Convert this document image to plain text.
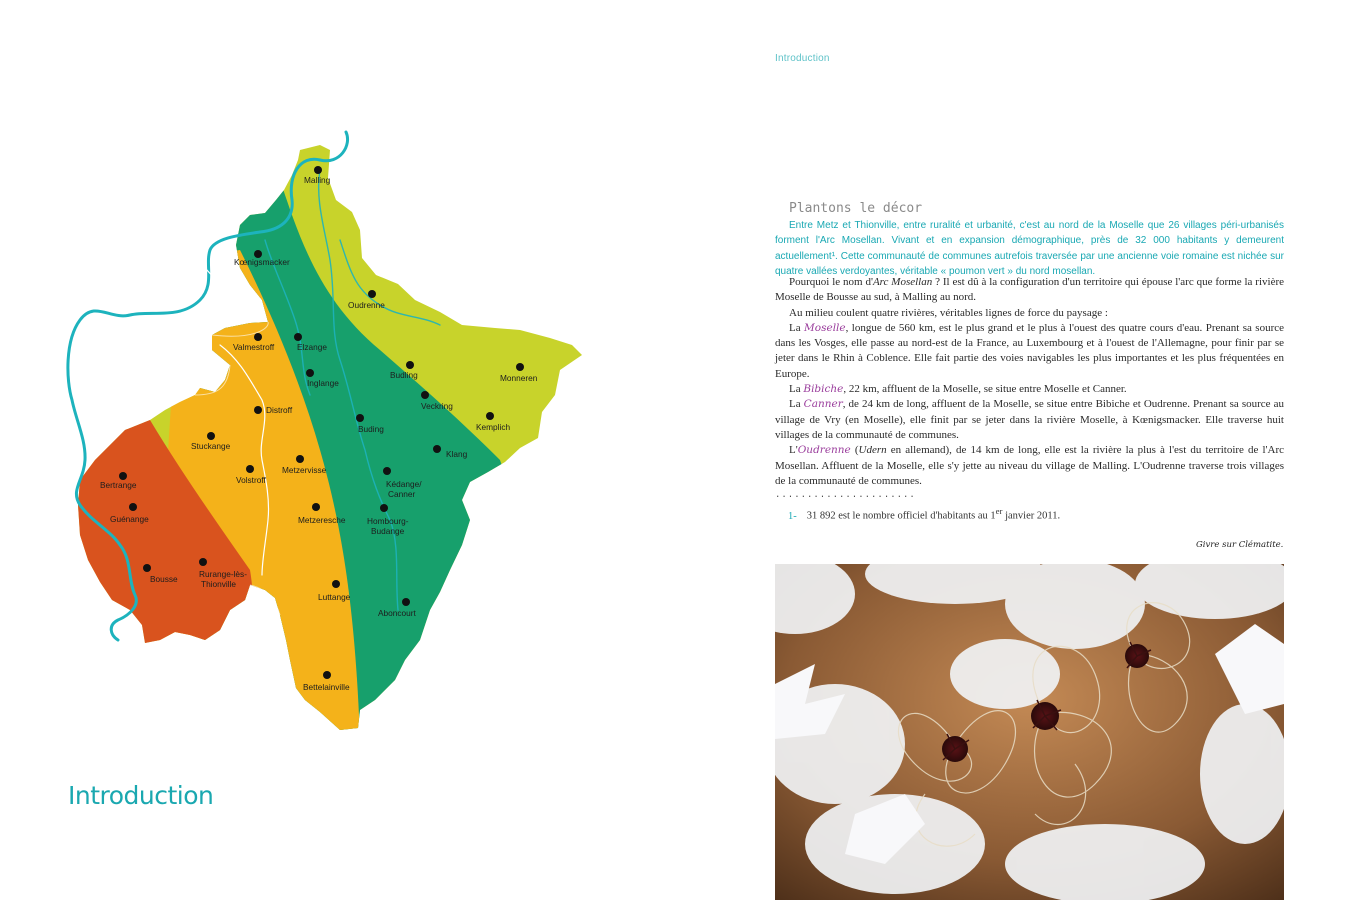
Introduction
Malling
Kœnigsmacker
Oudrenne
Valmestroff	Elzange
Inglange
Budling	Monneren
Distroff	Veckring
Stuckange
Buding	Kemplich
Metzervisse
Klang
Volstroff
Bertrange	Kédange/
Canner
Guénange	Metzeresche	Hombourg-
Budange
Bousse	Rurange-lès-
Thionville
Luttange
Aboncourt
Bettelainville
Introduction
Plantons le décor

Entre Metz et Thionville, entre ruralité et urbanité, c'est au nord de la Moselle que 26 villages péri-urbanisés forment l'Arc Mosellan. Vivant et en expansion démographique, près de 32 000 habitants y demeurent actuellement¹. Cette communauté de communes autrefois traversée par une ancienne voie romaine est nichée sur quatre vallées verdoyantes, véritable « poumon vert » du nord mosellan.

Pourquoi le nom d'Arc Mosellan ? Il est dû à la configuration d'un territoire qui épouse l'arc que forme la rivière Moselle de Bousse au sud, à Malling au nord.

Au milieu coulent quatre rivières, véritables lignes de force du paysage :

La Moselle, longue de 560 km, est le plus grand et le plus à l'ouest des quatre cours d'eau. Prenant sa source dans les Vosges, elle passe au nord-est de la France, au Luxembourg et à l'ouest de l'Allemagne, pour finir par se jeter dans le Rhin à Coblence. Elle fait partie des voies navigables les plus importantes et les plus fréquentées en Europe.

La Bibiche, 22 km, affluent de la Moselle, se situe entre Moselle et Canner.

La Canner, de 24 km de long, affluent de la Moselle, se situe entre Bibiche et Oudrenne. Prenant sa source au village de Vry (en Moselle), elle finit par se jeter dans la rivière Moselle, à Kœnigsmacker. Elle traverse huit villages de la communauté de communes.

L'Oudrenne (Udern en allemand), de 14 km de long, elle est la rivière la plus à l'est du territoire de l'Arc Mosellan. Affluent de la Moselle, elle s'y jette au niveau du village de Malling. L'Oudrenne traverse trois villages de la communauté de communes.

......................
1- 31 892 est le nombre officiel d'habitants au 1er janvier 2011.
Givre sur Clématite.
